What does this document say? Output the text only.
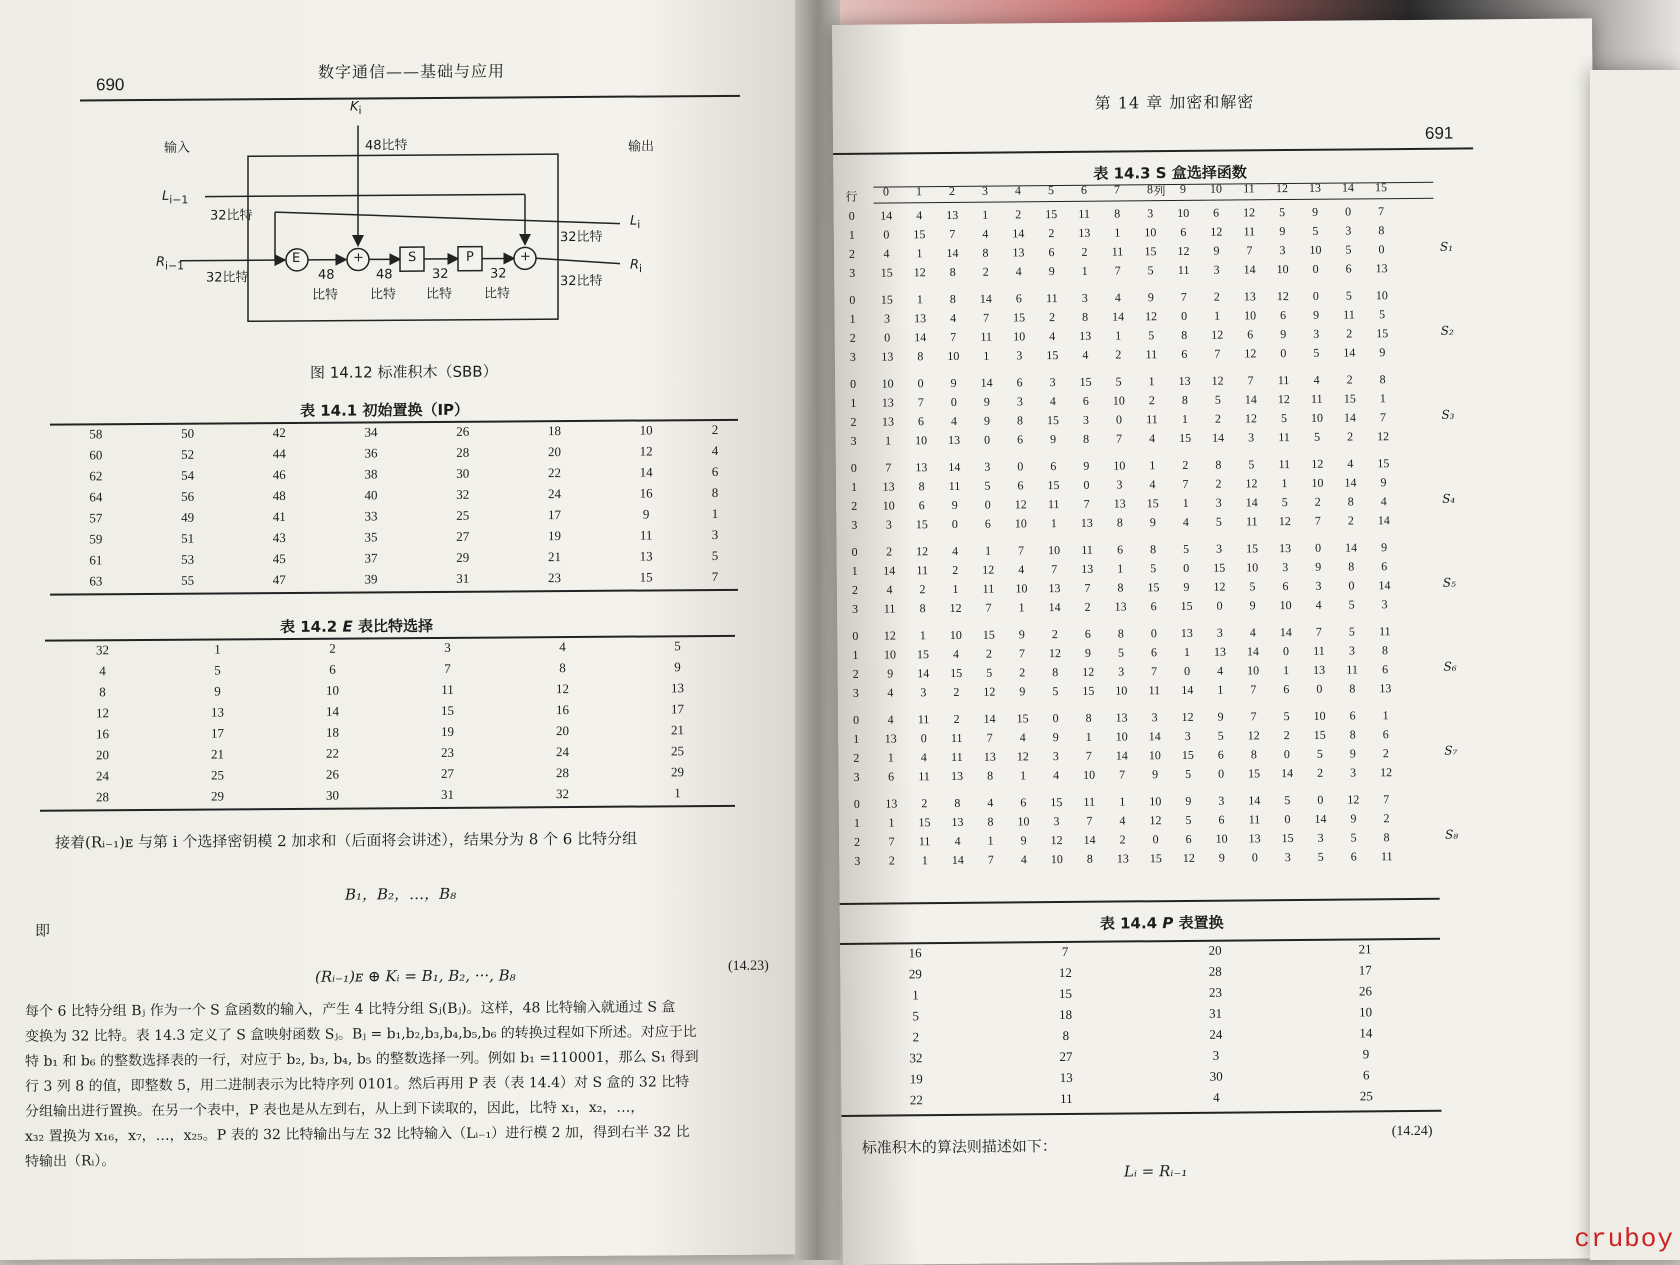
690
数字通信——基础与应用
$K_i$
输入	输出
48比特
$L_{i-1}$
32比特	$L_i$
32比特
$R_{i-1}$
32比特
$R_i$
32比特
E	+	S	P	+
48
比特
48
比特
32
比特
32
比特
图 14.12 标准积木（SBB）
表 14.1 初始置换（IP）
58	50	42	34	26	18	10	2
60	52	44	36	28	20	12	4
62	54	46	38	30	22	14	6
64	56	48	40	32	24	16	8
57	49	41	33	25	17	9	1
59	51	43	35	27	19	11	3
61	53	45	37	29	21	13	5
63	55	47	39	31	23	15	7
表 14.2 E 表比特选择
32	1	2	3	4	5
4	5	6	7	8	9
8	9	10	11	12	13
12	13	14	15	16	17
16	17	18	19	20	21
20	21	22	23	24	25
24	25	26	27	28	29
28	29	30	31	32	1
接着(Rᵢ₋₁)ᴇ 与第 i 个选择密钥模 2 加求和（后面将会讲述），结果分为 8 个 6 比特分组
B₁，B₂，…，B₈
即
(Rᵢ₋₁)ᴇ ⊕ Kᵢ = B₁, B₂, ···, B₈
(14.23)
每个 6 比特分组 Bⱼ 作为一个 S 盒函数的输入，产生 4 比特分组 Sⱼ(Bⱼ)。这样，48 比特输入就通过 S 盒
变换为 32 比特。表 14.3 定义了 S 盒映射函数 Sⱼ。Bⱼ = b₁,b₂,b₃,b₄,b₅,b₆ 的转换过程如下所述。对应于比
特 b₁ 和 b₆ 的整数选择表的一行，对应于 b₂, b₃, b₄, b₅ 的整数选择一列。例如 b₁ =110001，那么 S₁ 得到
行 3 列 8 的值，即整数 5，用二进制表示为比特序列 0101。然后再用 P 表（表 14.4）对 S 盒的 32 比特
分组输出进行置换。在另一个表中，P 表也是从左到右，从上到下读取的，因此，比特 x₁，x₂，…，
x₃₂ 置换为 x₁₆，x₇，…，x₂₅。P 表的 32 比特输出与左 32 比特输入（Lᵢ₋₁）进行模 2 加，得到右半 32 比
特输出（Rᵢ）。
第 14 章 加密和解密
691
表 14.3 S 盒选择函数
列
行	0	1	2	3	4	5	6	7	8	9	10	11	12	13	14	15
0	14	4	13	1	2	15	11	8	3	10	6	12	5	9	0	7
1	0	15	7	4	14	2	13	1	10	6	12	11	9	5	3	8
2	4	1	14	8	13	6	2	11	15	12	9	7	3	10	5	0
3	15	12	8	2	4	9	1	7	5	11	3	14	10	0	6	13

0	15	1	8	14	6	11	3	4	9	7	2	13	12	0	5	10
1	3	13	4	7	15	2	8	14	12	0	1	10	6	9	11	5
2	0	14	7	11	10	4	13	1	5	8	12	6	9	3	2	15
3	13	8	10	1	3	15	4	2	11	6	7	12	0	5	14	9

0	10	0	9	14	6	3	15	5	1	13	12	7	11	4	2	8
1	13	7	0	9	3	4	6	10	2	8	5	14	12	11	15	1
2	13	6	4	9	8	15	3	0	11	1	2	12	5	10	14	7
3	1	10	13	0	6	9	8	7	4	15	14	3	11	5	2	12

0	7	13	14	3	0	6	9	10	1	2	8	5	11	12	4	15
1	13	8	11	5	6	15	0	3	4	7	2	12	1	10	14	9
2	10	6	9	0	12	11	7	13	15	1	3	14	5	2	8	4
3	3	15	0	6	10	1	13	8	9	4	5	11	12	7	2	14

0	2	12	4	1	7	10	11	6	8	5	3	15	13	0	14	9
1	14	11	2	12	4	7	13	1	5	0	15	10	3	9	8	6
2	4	2	1	11	10	13	7	8	15	9	12	5	6	3	0	14
3	11	8	12	7	1	14	2	13	6	15	0	9	10	4	5	3

0	12	1	10	15	9	2	6	8	0	13	3	4	14	7	5	11
1	10	15	4	2	7	12	9	5	6	1	13	14	0	11	3	8
2	9	14	15	5	2	8	12	3	7	0	4	10	1	13	11	6
3	4	3	2	12	9	5	15	10	11	14	1	7	6	0	8	13

0	4	11	2	14	15	0	8	13	3	12	9	7	5	10	6	1
1	13	0	11	7	4	9	1	10	14	3	5	12	2	15	8	6
2	1	4	11	13	12	3	7	14	10	15	6	8	0	5	9	2
3	6	11	13	8	1	4	10	7	9	5	0	15	14	2	3	12

0	13	2	8	4	6	15	11	1	10	9	3	14	5	0	12	7
1	1	15	13	8	10	3	7	4	12	5	6	11	0	14	9	2
2	7	11	4	1	9	12	14	2	0	6	10	13	15	3	5	8
3	2	1	14	7	4	10	8	13	15	12	9	0	3	5	6	11
S₁
S₂
S₃
S₄
S₅
S₆
S₇
S₈
表 14.4 P 表置换
16	7	20	21
29	12	28	17
1	15	23	26
5	18	31	10
2	8	24	14
32	27	3	9
19	13	30	6
22	11	4	25
标准积木的算法则描述如下：
(14.24)
Lᵢ = Rᵢ₋₁
cruboy
